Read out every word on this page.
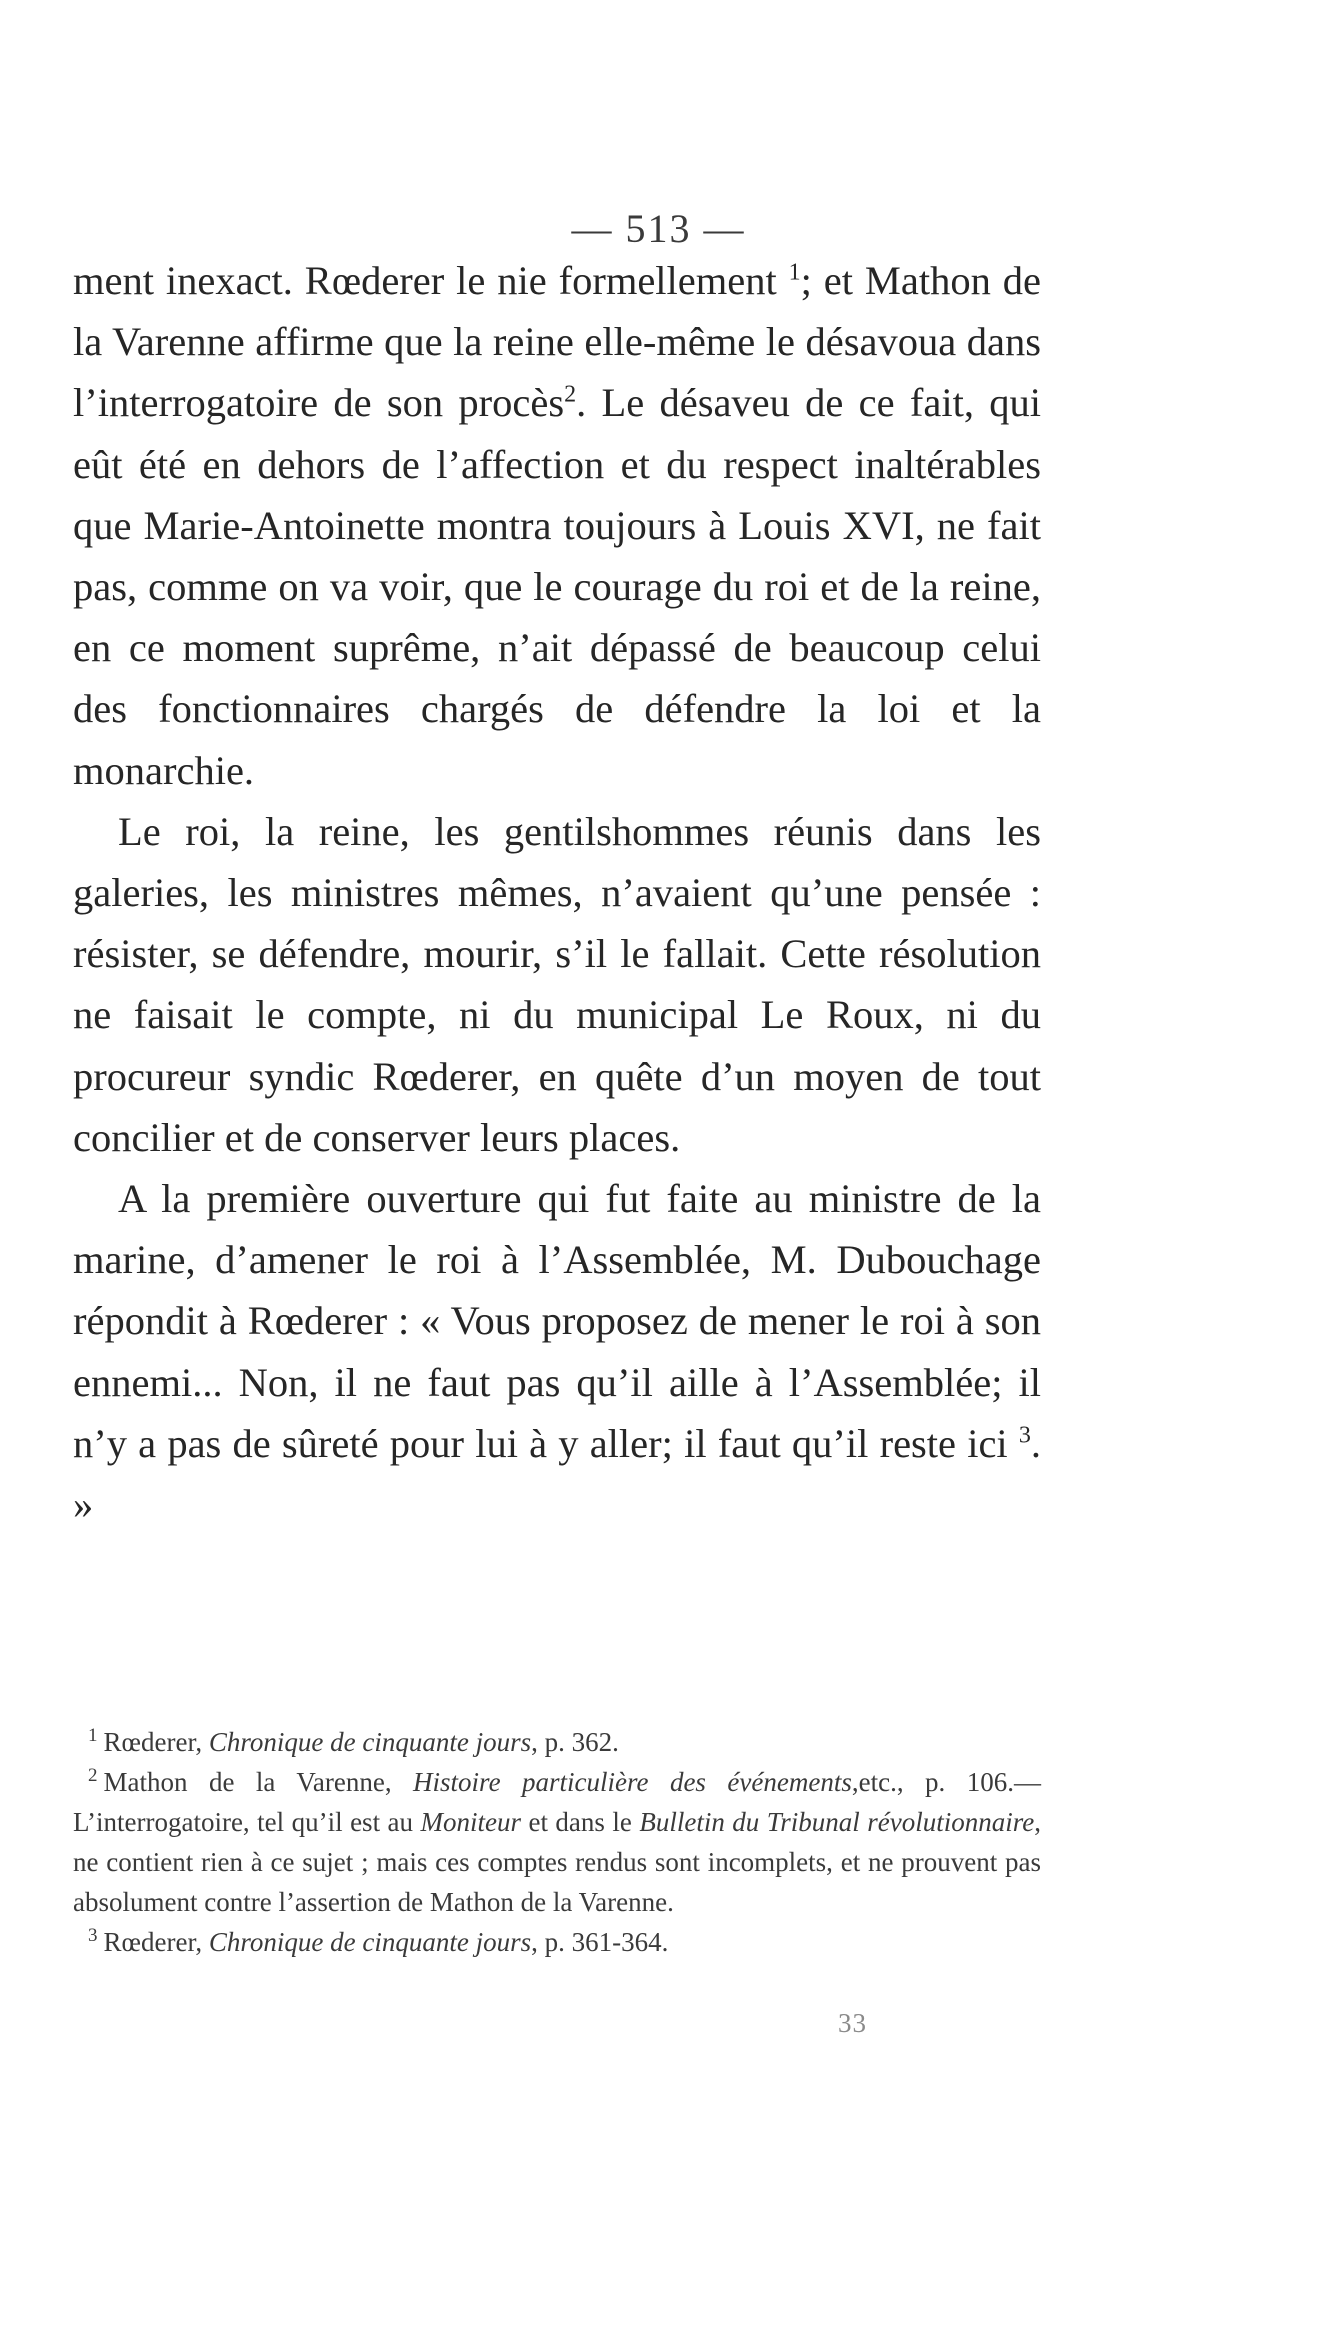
— 513 —

ment inexact. Rœderer le nie formellement $^1$; et Mathon de la Varenne affirme que la reine elle-même le désavoua dans l’interrogatoire de son procès$^2$. Le désaveu de ce fait, qui eût été en dehors de l’affection et du respect inaltérables que Marie-Antoinette montra toujours à Louis XVI, ne fait pas, comme on va voir, que le courage du roi et de la reine, en ce moment suprême, n’ait dépassé de beaucoup celui des fonctionnaires chargés de défendre la loi et la monarchie.

Le roi, la reine, les gentilshommes réunis dans les galeries, les ministres mêmes, n’avaient qu’une pensée : résister, se défendre, mourir, s’il le fallait. Cette résolution ne faisait le compte, ni du municipal Le Roux, ni du procureur syndic Rœderer, en quête d’un moyen de tout concilier et de conserver leurs places.

A la première ouverture qui fut faite au ministre de la marine, d’amener le roi à l’Assemblée, M. Dubouchage répondit à Rœderer : « Vous proposez de mener le roi à son ennemi... Non, il ne faut pas qu’il aille à l’Assemblée; il n’y a pas de sûreté pour lui à y aller; il faut qu’il reste ici $^3$. »

$^1$ Rœderer, Chronique de cinquante jours, p. 362.

$^2$ Mathon de la Varenne, Histoire particulière des événements,etc., p. 106.—L’interrogatoire, tel qu’il est au Moniteur et dans le Bulletin du Tribunal révolutionnaire, ne contient rien à ce sujet ; mais ces comptes rendus sont incomplets, et ne prouvent pas absolument contre l’assertion de Mathon de la Varenne.

$^3$ Rœderer, Chronique de cinquante jours, p. 361-364.

33
